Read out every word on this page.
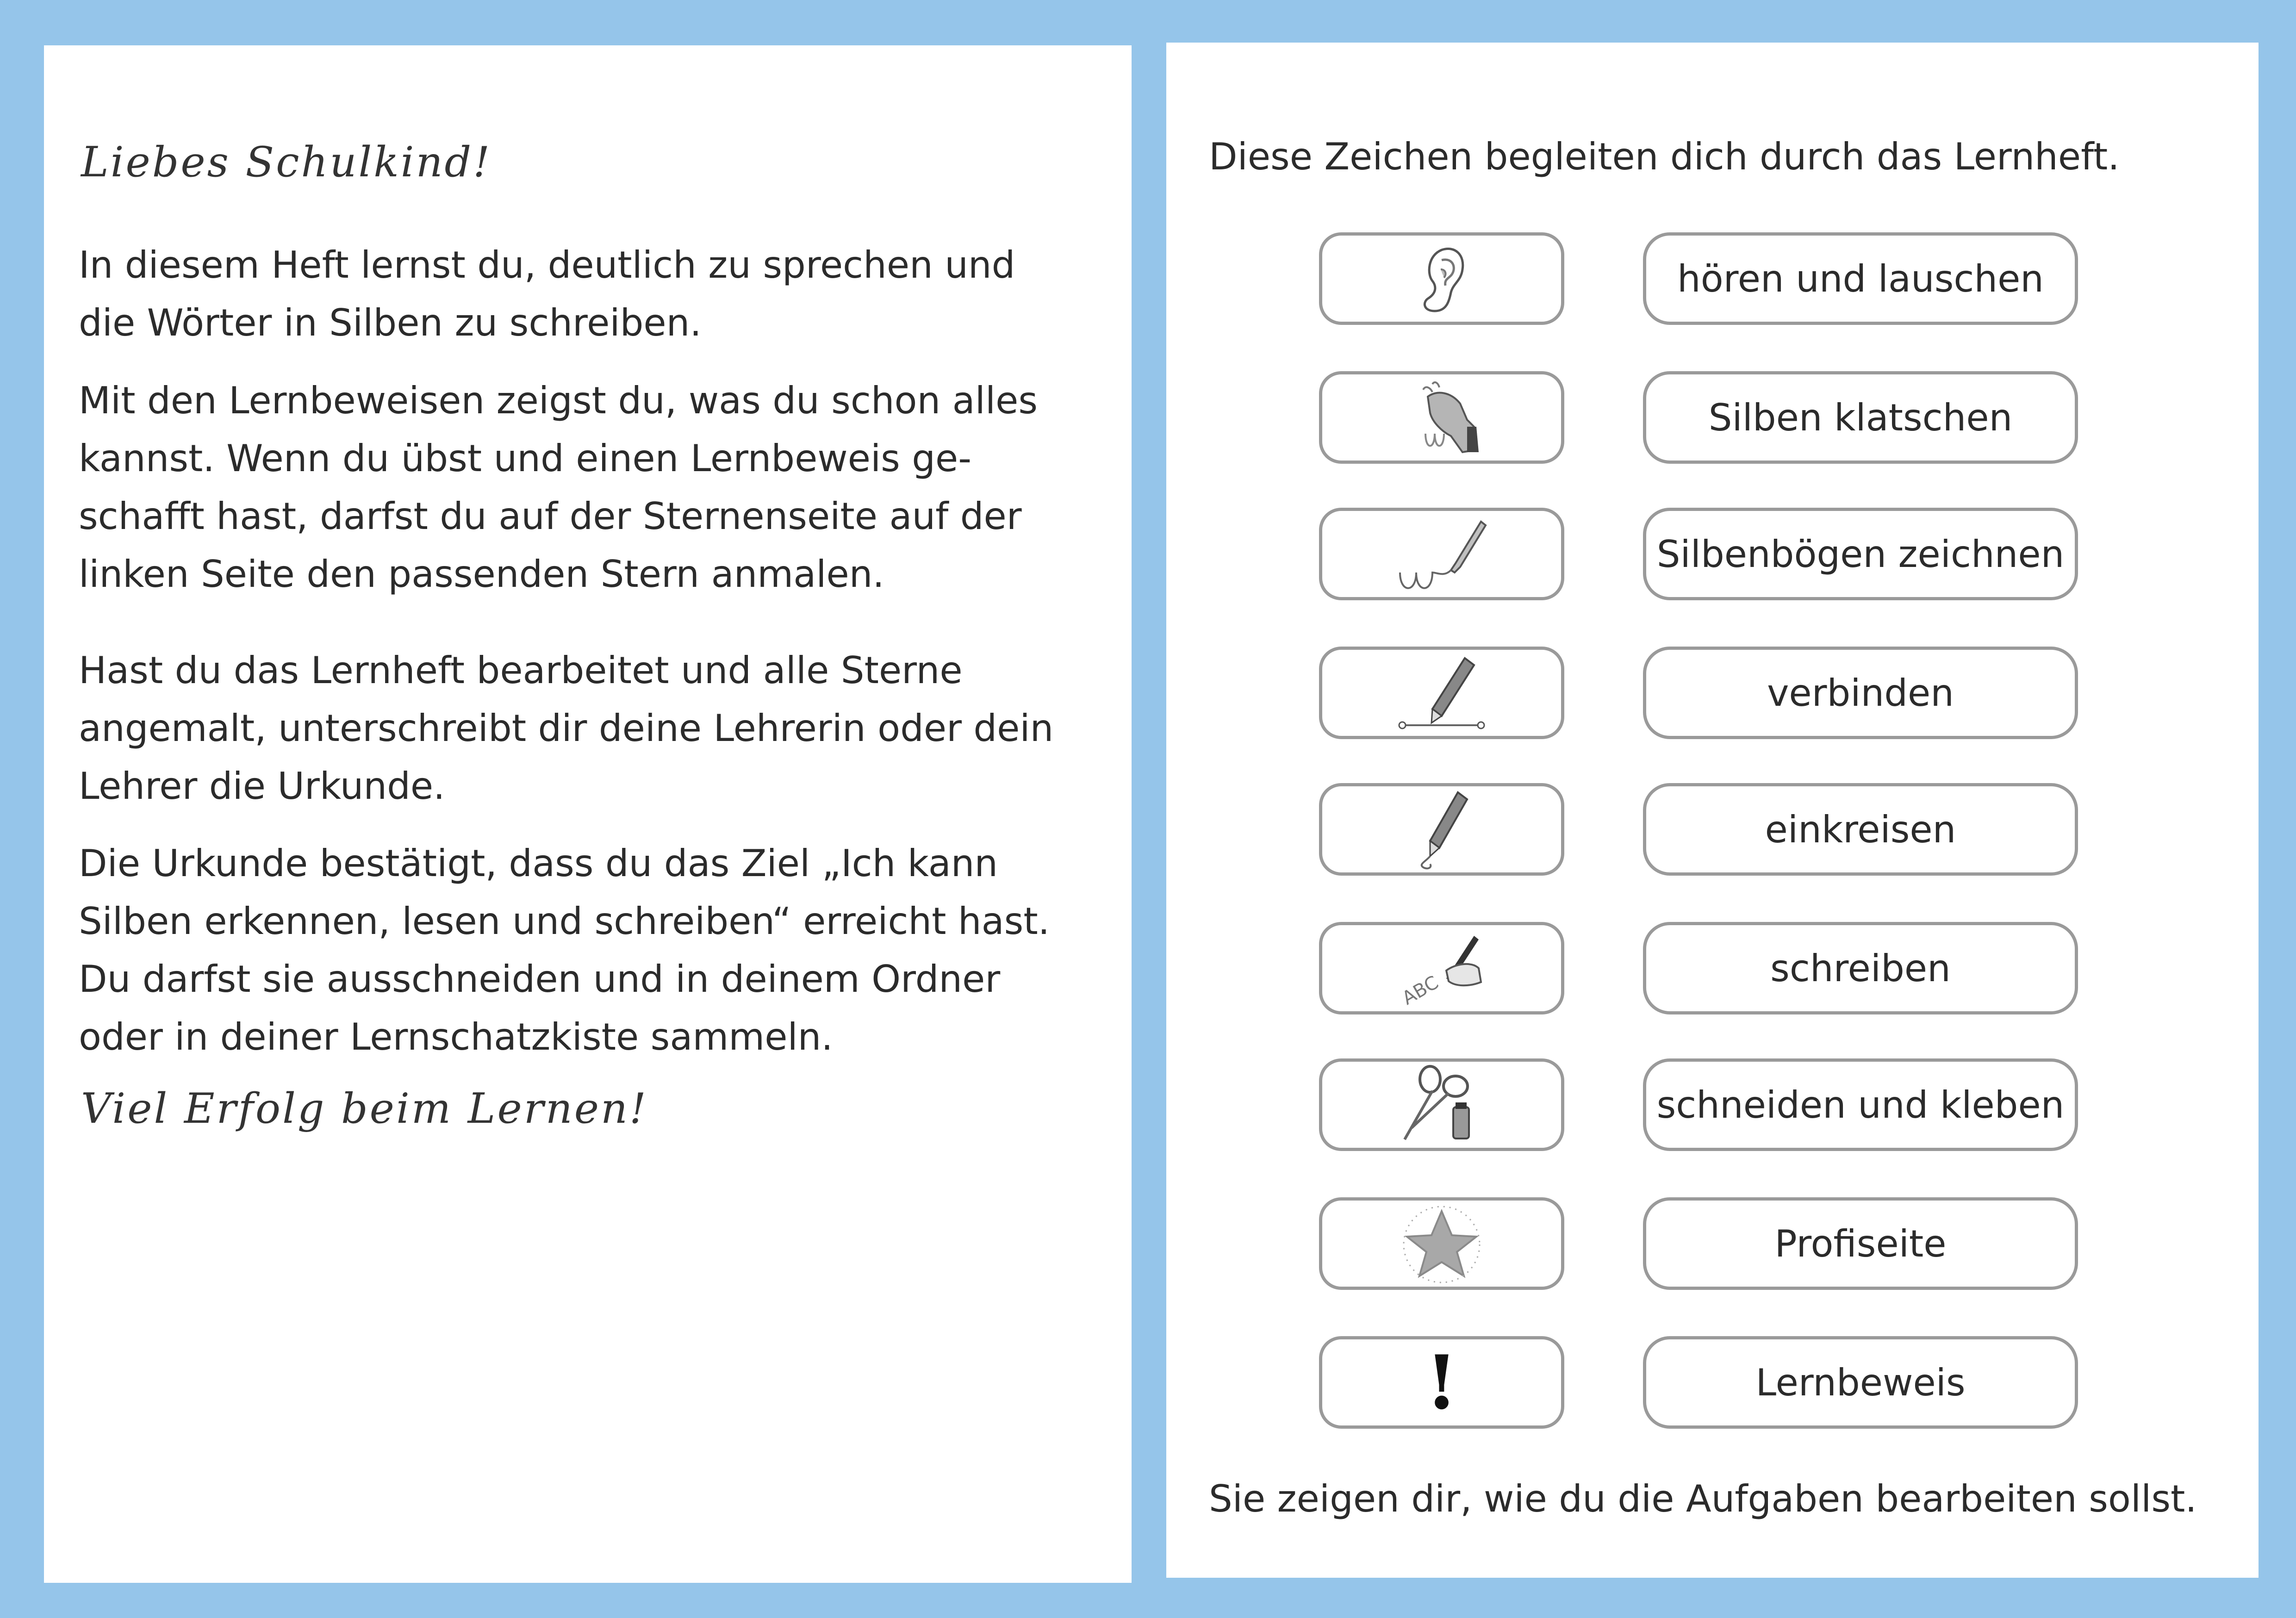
Liebes Schulkind!
In diesem Heft lernst du, deutlich zu sprechen und
die Wörter in Silben zu schreiben.
Mit den Lernbeweisen zeigst du, was du schon alles
kannst. Wenn du übst und einen Lernbeweis ge-
schafft hast, darfst du auf der Sternenseite auf der
linken Seite den passenden Stern anmalen.
Hast du das Lernheft bearbeitet und alle Sterne
angemalt, unterschreibt dir deine Lehrerin oder dein
Lehrer die Urkunde.
Die Urkunde bestätigt, dass du das Ziel „Ich kann
Silben erkennen, lesen und schreiben“ erreicht hast.
Du darfst sie ausschneiden und in deinem Ordner
oder in deiner Lernschatzkiste sammeln.
Viel Erfolg beim Lernen!
Diese Zeichen begleiten dich durch das Lernheft.
hören und lauschen
Silben klatschen
Silbenbögen zeichnen
verbinden
einkreisen
ABC
schreiben
schneiden und kleben
Profiseite
!	Lernbeweis
Sie zeigen dir, wie du die Aufgaben bearbeiten sollst.
